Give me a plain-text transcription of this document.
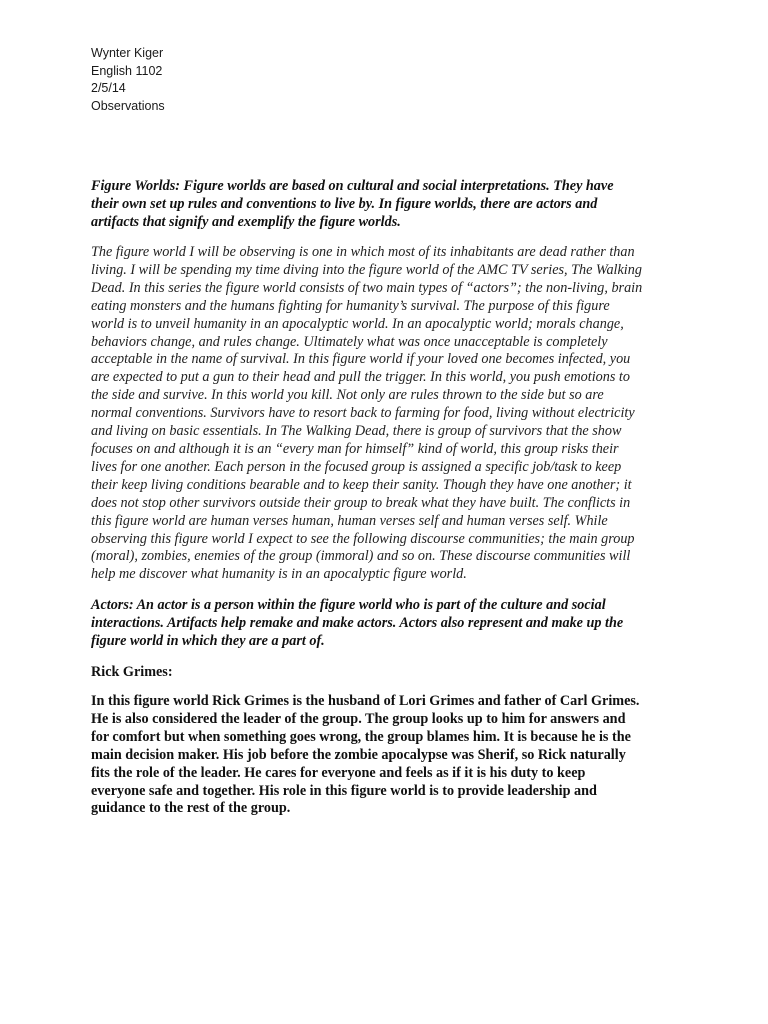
Wynter Kiger
English 1102
2/5/14
Observations

Figure Worlds: Figure worlds are based on cultural and social interpretations. They have
their own set up rules and conventions to live by. In figure worlds, there are actors and
artifacts that signify and exemplify the figure worlds.

The figure world I will be observing is one in which most of its inhabitants are dead rather than
living. I will be spending my time diving into the figure world of the AMC TV series, The Walking
Dead. In this series the figure world consists of two main types of “actors”; the non-living, brain
eating monsters and the humans fighting for humanity’s survival. The purpose of this figure
world is to unveil humanity in an apocalyptic world. In an apocalyptic world; morals change,
behaviors change, and rules change. Ultimately what was once unacceptable is completely
acceptable in the name of survival. In this figure world if your loved one becomes infected, you
are expected to put a gun to their head and pull the trigger. In this world, you push emotions to
the side and survive. In this world you kill. Not only are rules thrown to the side but so are
normal conventions. Survivors have to resort back to farming for food, living without electricity
and living on basic essentials. In The Walking Dead, there is group of survivors that the show
focuses on and although it is an “every man for himself” kind of world, this group risks their
lives for one another. Each person in the focused group is assigned a specific job/task to keep
their keep living conditions bearable and to keep their sanity. Though they have one another; it
does not stop other survivors outside their group to break what they have built. The conflicts in
this figure world are human verses human, human verses self and human verses self. While
observing this figure world I expect to see the following discourse communities; the main group
(moral), zombies, enemies of the group (immoral) and so on. These discourse communities will
help me discover what humanity is in an apocalyptic figure world.

Actors: An actor is a person within the figure world who is part of the culture and social
interactions. Artifacts help remake and make actors. Actors also represent and make up the
figure world in which they are a part of.

Rick Grimes:

In this figure world Rick Grimes is the husband of Lori Grimes and father of Carl Grimes.
He is also considered the leader of the group. The group looks up to him for answers and
for comfort but when something goes wrong, the group blames him. It is because he is the
main decision maker. His job before the zombie apocalypse was Sherif, so Rick naturally
fits the role of the leader. He cares for everyone and feels as if it is his duty to keep
everyone safe and together. His role in this figure world is to provide leadership and
guidance to the rest of the group.
